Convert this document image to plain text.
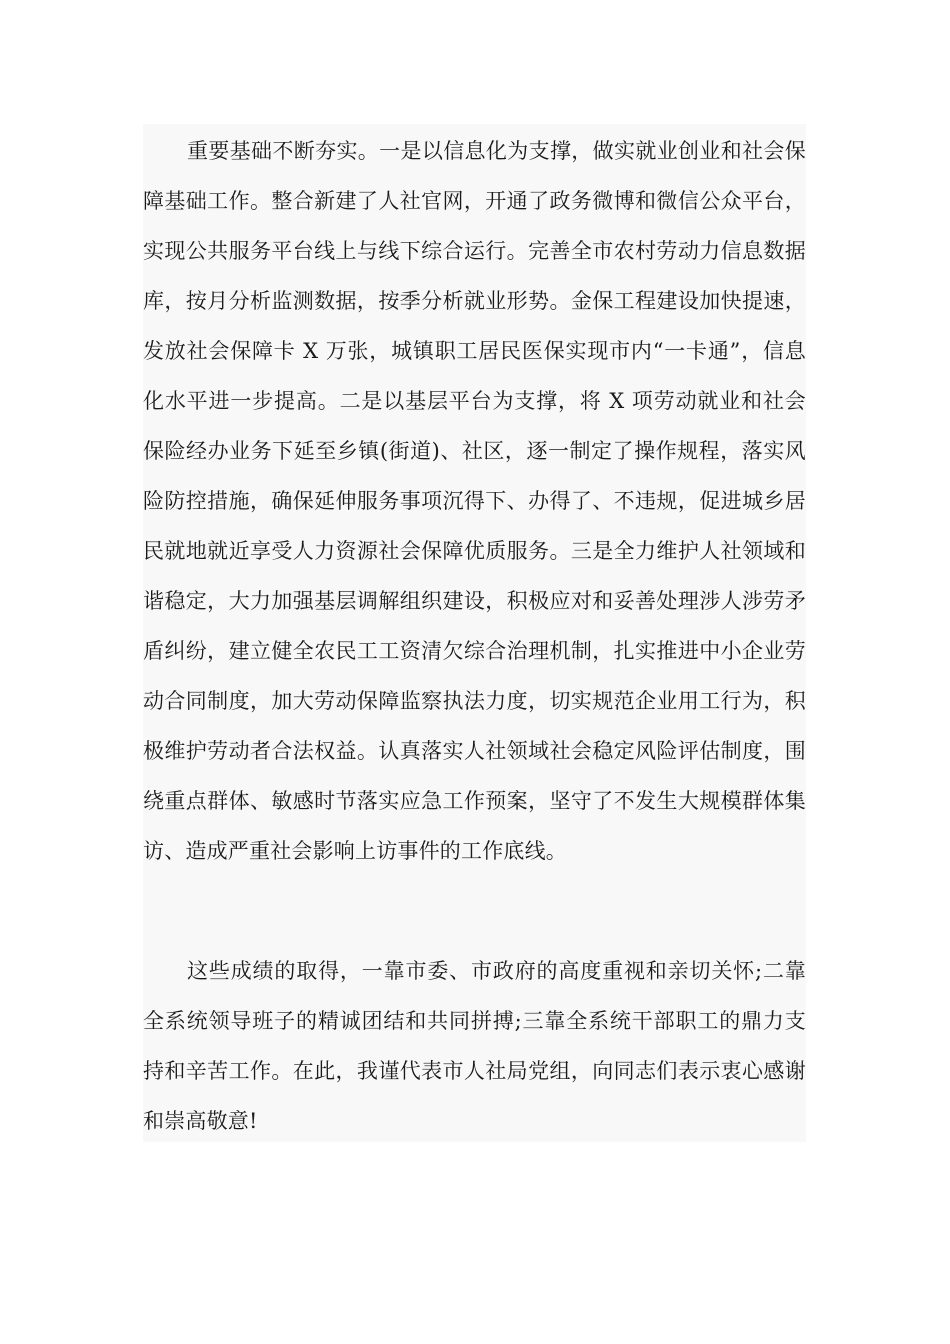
重要基础不断夯实。一是以信息化为支撑，做实就业创业和社会保障基础工作。整合新建了人社官网，开通了政务微博和微信公众平台，实现公共服务平台线上与线下综合运行。完善全市农村劳动力信息数据库，按月分析监测数据，按季分析就业形势。金保工程建设加快提速，发放社会保障卡 X 万张，城镇职工居民医保实现市内“一卡通”，信息化水平进一步提高。二是以基层平台为支撑，将 X 项劳动就业和社会保险经办业务下延至乡镇(街道)、社区，逐一制定了操作规程，落实风险防控措施，确保延伸服务事项沉得下、办得了、不违规，促进城乡居民就地就近享受人力资源社会保障优质服务。三是全力维护人社领域和谐稳定，大力加强基层调解组织建设，积极应对和妥善处理涉人涉劳矛盾纠纷，建立健全农民工工资清欠综合治理机制，扎实推进中小企业劳动合同制度，加大劳动保障监察执法力度，切实规范企业用工行为，积极维护劳动者合法权益。认真落实人社领域社会稳定风险评估制度，围绕重点群体、敏感时节落实应急工作预案，坚守了不发生大规模群体集访、造成严重社会影响上访事件的工作底线。

这些成绩的取得，一靠市委、市政府的高度重视和亲切关怀;二靠全系统领导班子的精诚团结和共同拼搏;三靠全系统干部职工的鼎力支持和辛苦工作。在此，我谨代表市人社局党组，向同志们表示衷心感谢和崇高敬意!
